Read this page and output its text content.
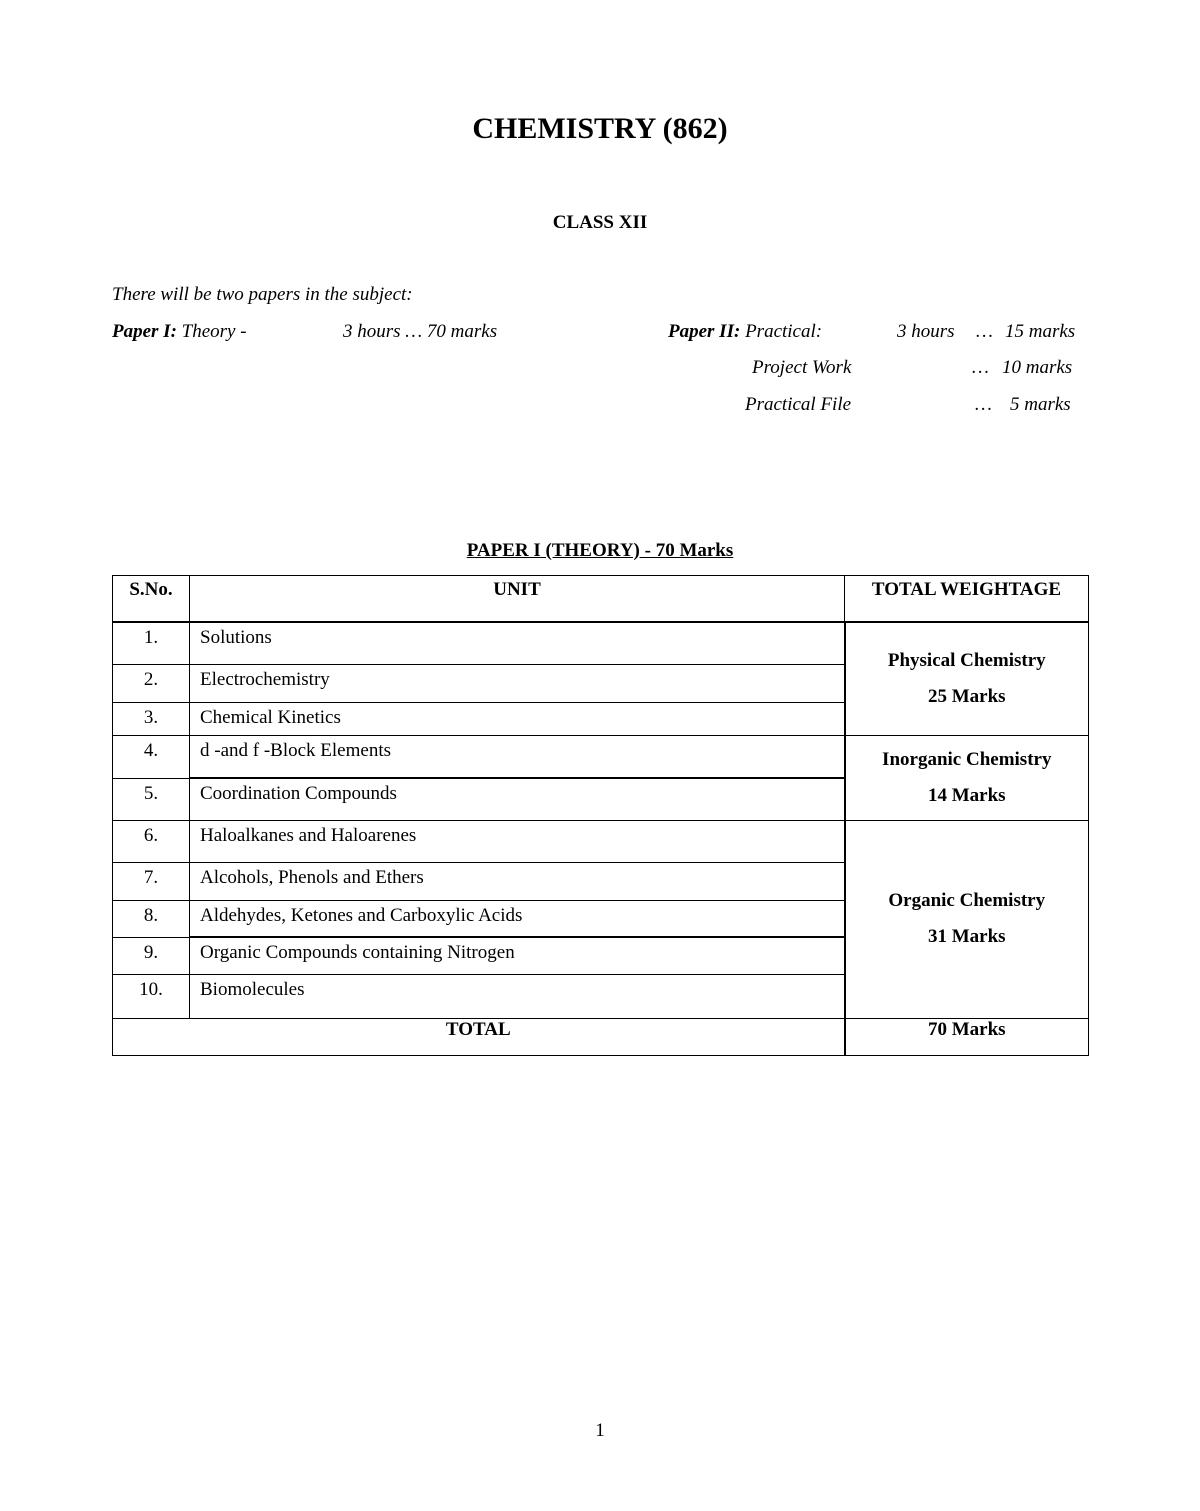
CHEMISTRY (862)
CLASS XII
There will be two papers in the subject:
Paper I: Theory -	3 hours … 70 marks	Paper II: Practical:	3 hours … 15 marks
Project Work	… 10 marks
Practical File	… 5 marks
PAPER I (THEORY) - 70 Marks
S.No.	UNIT	TOTAL WEIGHTAGE
1.	Solutions	Physical Chemistry
25 Marks

2.	Electrochemistry	
3.	Chemical Kinetics	
4.	d -and f -Block Elements	Inorganic Chemistry
14 Marks

5.	Coordination Compounds	
6.	Haloalkanes and Haloarenes	Organic Chemistry
31 Marks

7.	Alcohols, Phenols and Ethers	
8.	Aldehydes, Ketones and Carboxylic Acids	
9.	Organic Compounds containing Nitrogen	
10.	Biomolecules	
TOTAL		70 Marks
1
